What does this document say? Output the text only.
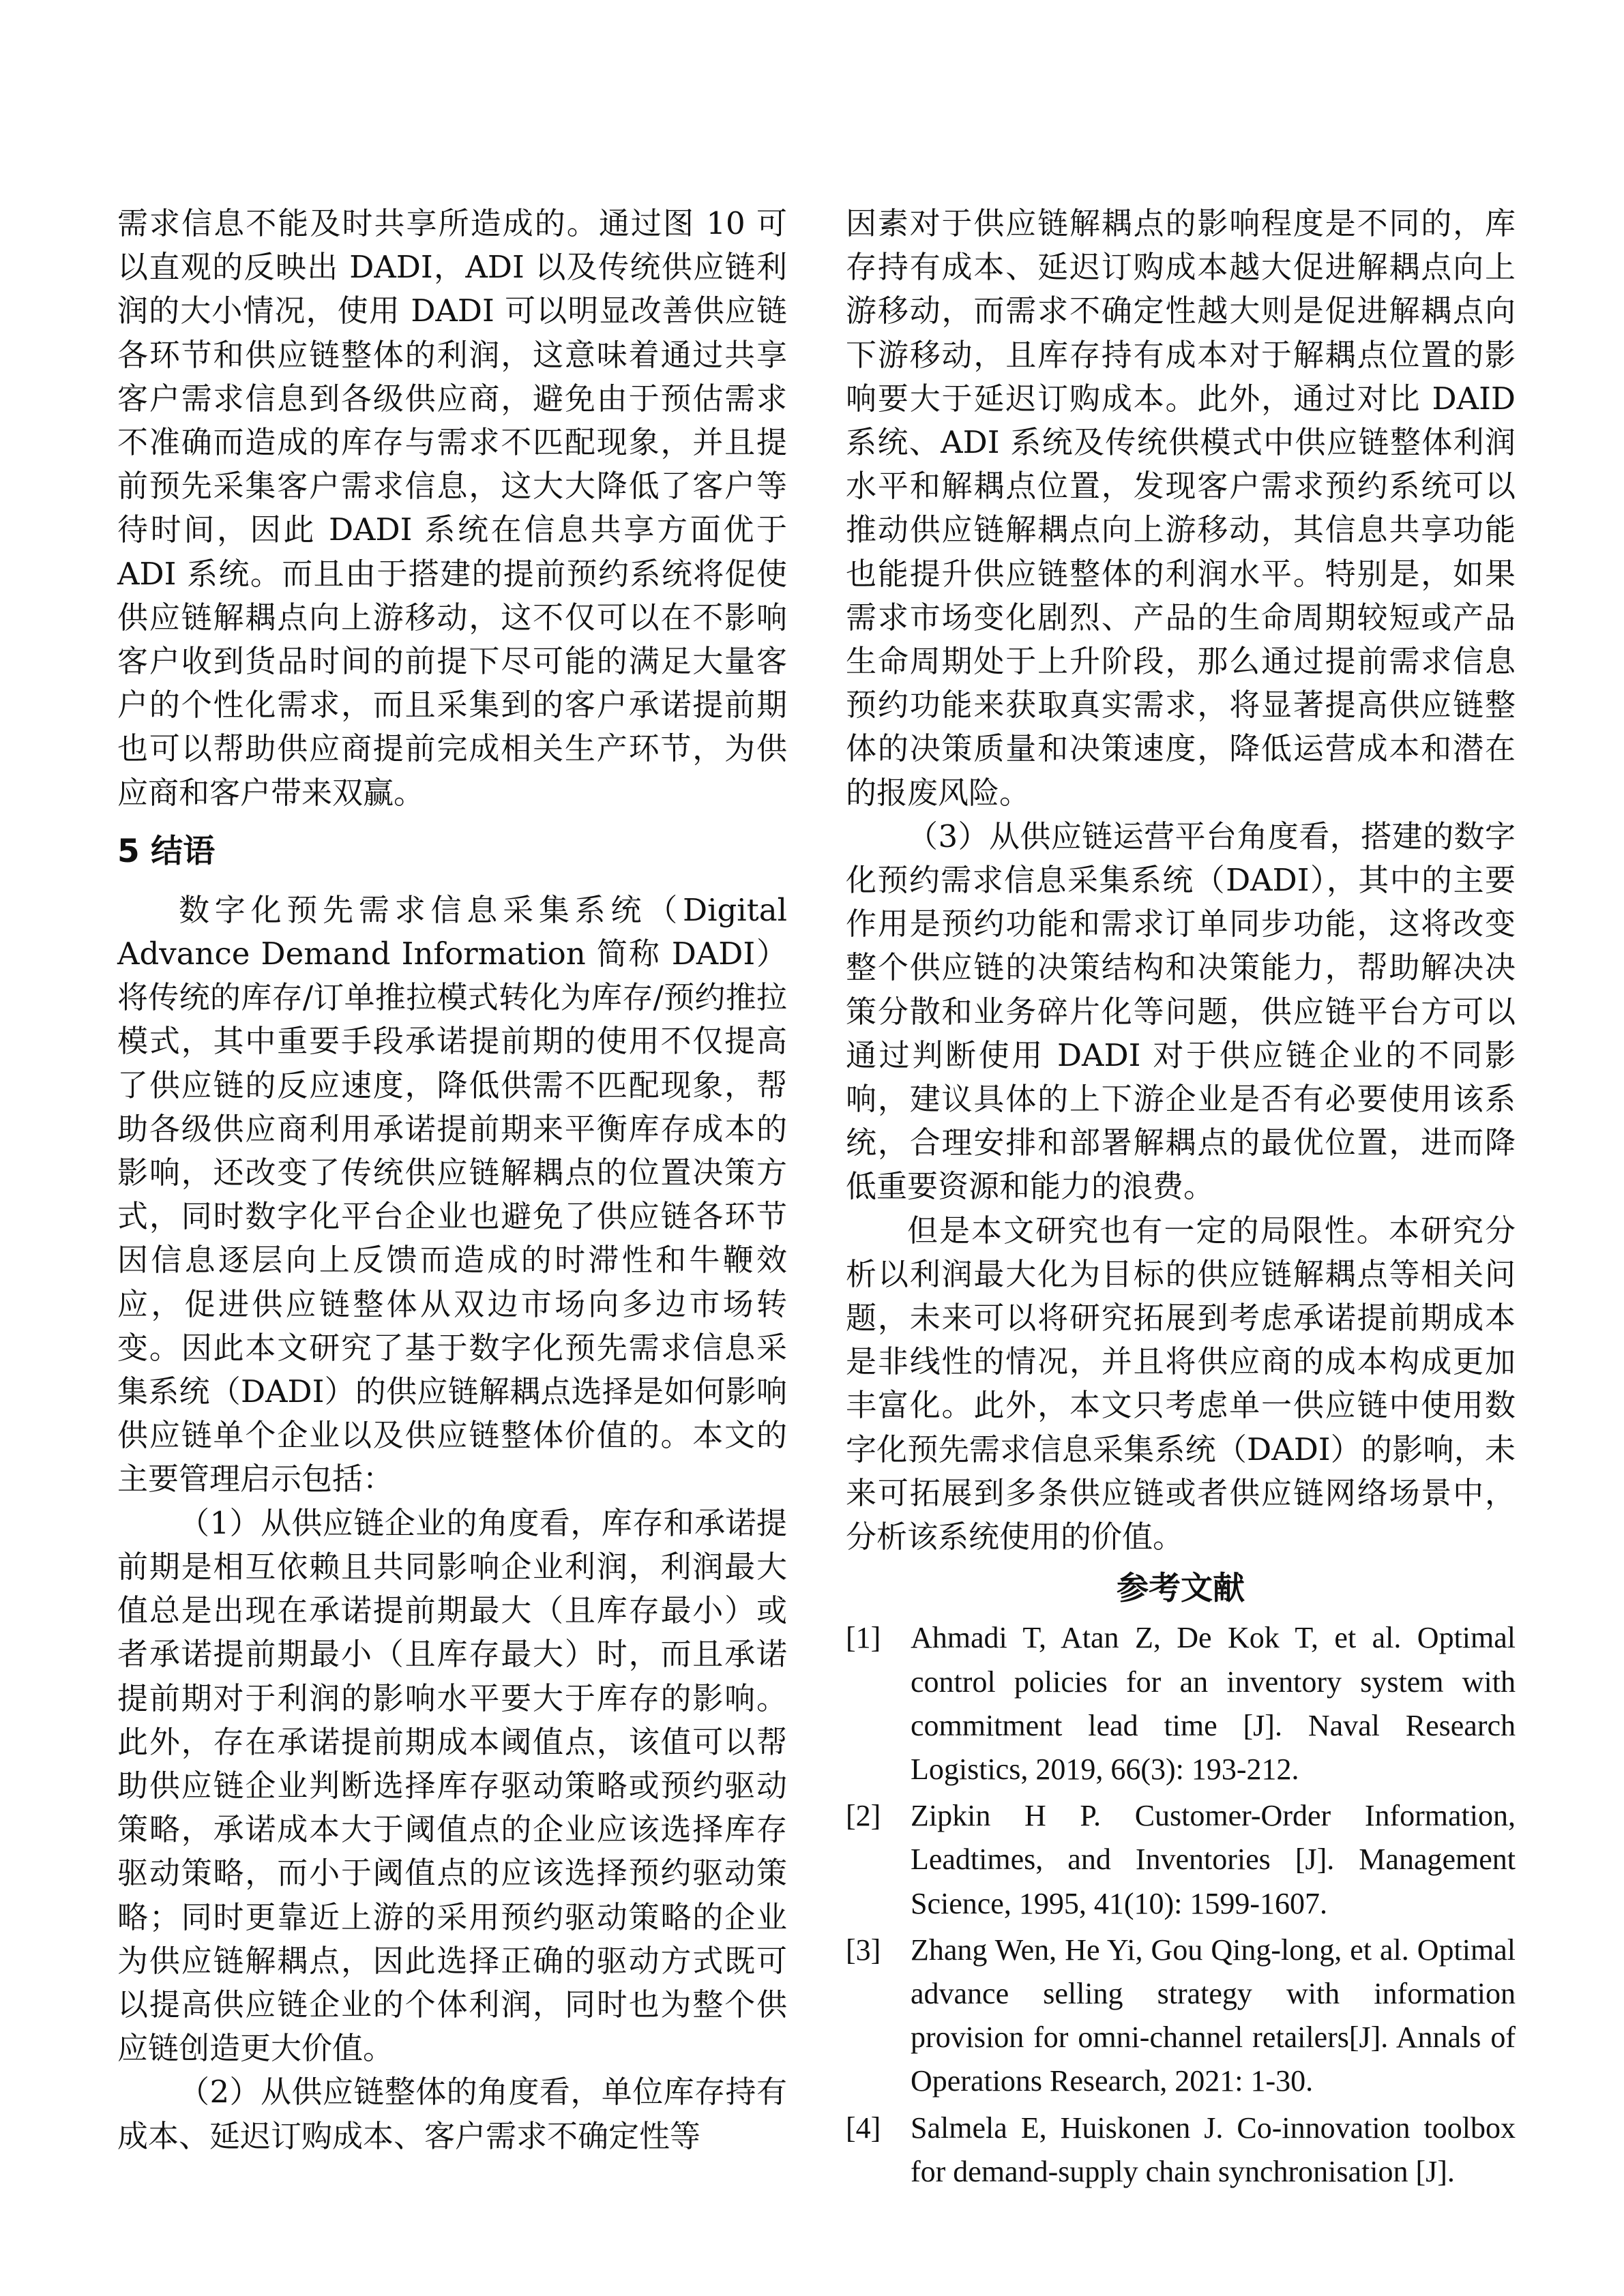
需求信息不能及时共享所造成的。通过图 10 可以直观的反映出 DADI，ADI 以及传统供应链利润的大小情况，使用 DADI 可以明显改善供应链各环节和供应链整体的利润，这意味着通过共享客户需求信息到各级供应商，避免由于预估需求不准确而造成的库存与需求不匹配现象，并且提前预先采集客户需求信息，这大大降低了客户等待时间，因此 DADI 系统在信息共享方面优于 ADI 系统。而且由于搭建的提前预约系统将促使供应链解耦点向上游移动，这不仅可以在不影响客户收到货品时间的前提下尽可能的满足大量客户的个性化需求，而且采集到的客户承诺提前期也可以帮助供应商提前完成相关生产环节，为供应商和客户带来双赢。

5 结语

数字化预先需求信息采集系统（Digital Advance Demand Information 简称 DADI）将传统的库存/订单推拉模式转化为库存/预约推拉模式，其中重要手段承诺提前期的使用不仅提高了供应链的反应速度，降低供需不匹配现象，帮助各级供应商利用承诺提前期来平衡库存成本的影响，还改变了传统供应链解耦点的位置决策方式，同时数字化平台企业也避免了供应链各环节因信息逐层向上反馈而造成的时滞性和牛鞭效应，促进供应链整体从双边市场向多边市场转变。因此本文研究了基于数字化预先需求信息采集系统（DADI）的供应链解耦点选择是如何影响供应链单个企业以及供应链整体价值的。本文的主要管理启示包括：

（1）从供应链企业的角度看，库存和承诺提前期是相互依赖且共同影响企业利润，利润最大值总是出现在承诺提前期最大（且库存最小）或者承诺提前期最小（且库存最大）时，而且承诺提前期对于利润的影响水平要大于库存的影响。此外，存在承诺提前期成本阈值点，该值可以帮助供应链企业判断选择库存驱动策略或预约驱动策略，承诺成本大于阈值点的企业应该选择库存驱动策略，而小于阈值点的应该选择预约驱动策略；同时更靠近上游的采用预约驱动策略的企业为供应链解耦点，因此选择正确的驱动方式既可以提高供应链企业的个体利润，同时也为整个供应链创造更大价值。

（2）从供应链整体的角度看，单位库存持有成本、延迟订购成本、客户需求不确定性等

因素对于供应链解耦点的影响程度是不同的，库存持有成本、延迟订购成本越大促进解耦点向上游移动，而需求不确定性越大则是促进解耦点向下游移动，且库存持有成本对于解耦点位置的影响要大于延迟订购成本。此外，通过对比 DAID 系统、ADI 系统及传统供模式中供应链整体利润水平和解耦点位置，发现客户需求预约系统可以推动供应链解耦点向上游移动，其信息共享功能也能提升供应链整体的利润水平。特别是，如果需求市场变化剧烈、产品的生命周期较短或产品生命周期处于上升阶段，那么通过提前需求信息预约功能来获取真实需求，将显著提高供应链整体的决策质量和决策速度，降低运营成本和潜在的报废风险。

（3）从供应链运营平台角度看，搭建的数字化预约需求信息采集系统（DADI），其中的主要作用是预约功能和需求订单同步功能，这将改变整个供应链的决策结构和决策能力，帮助解决决策分散和业务碎片化等问题，供应链平台方可以通过判断使用 DADI 对于供应链企业的不同影响，建议具体的上下游企业是否有必要使用该系统，合理安排和部署解耦点的最优位置，进而降低重要资源和能力的浪费。

但是本文研究也有一定的局限性。本研究分析以利润最大化为目标的供应链解耦点等相关问题，未来可以将研究拓展到考虑承诺提前期成本是非线性的情况，并且将供应商的成本构成更加丰富化。此外，本文只考虑单一供应链中使用数字化预先需求信息采集系统（DADI）的影响，未来可拓展到多条供应链或者供应链网络场景中，分析该系统使用的价值。

参考文献
[1] Ahmadi T, Atan Z, De Kok T, et al. Optimal control policies for an inventory system with commitment lead time [J]. Naval Research Logistics, 2019, 66(3): 193-212.
[2] Zipkin H P. Customer-Order Information, Leadtimes, and Inventories [J]. Management Science, 1995, 41(10): 1599-1607.
[3] Zhang Wen, He Yi, Gou Qing-long, et al. Optimal advance selling strategy with information provision for omni-channel retailers[J]. Annals of Operations Research, 2021: 1-30.
[4] Salmela E, Huiskonen J. Co-innovation toolbox for demand-supply chain synchronisation [J].
